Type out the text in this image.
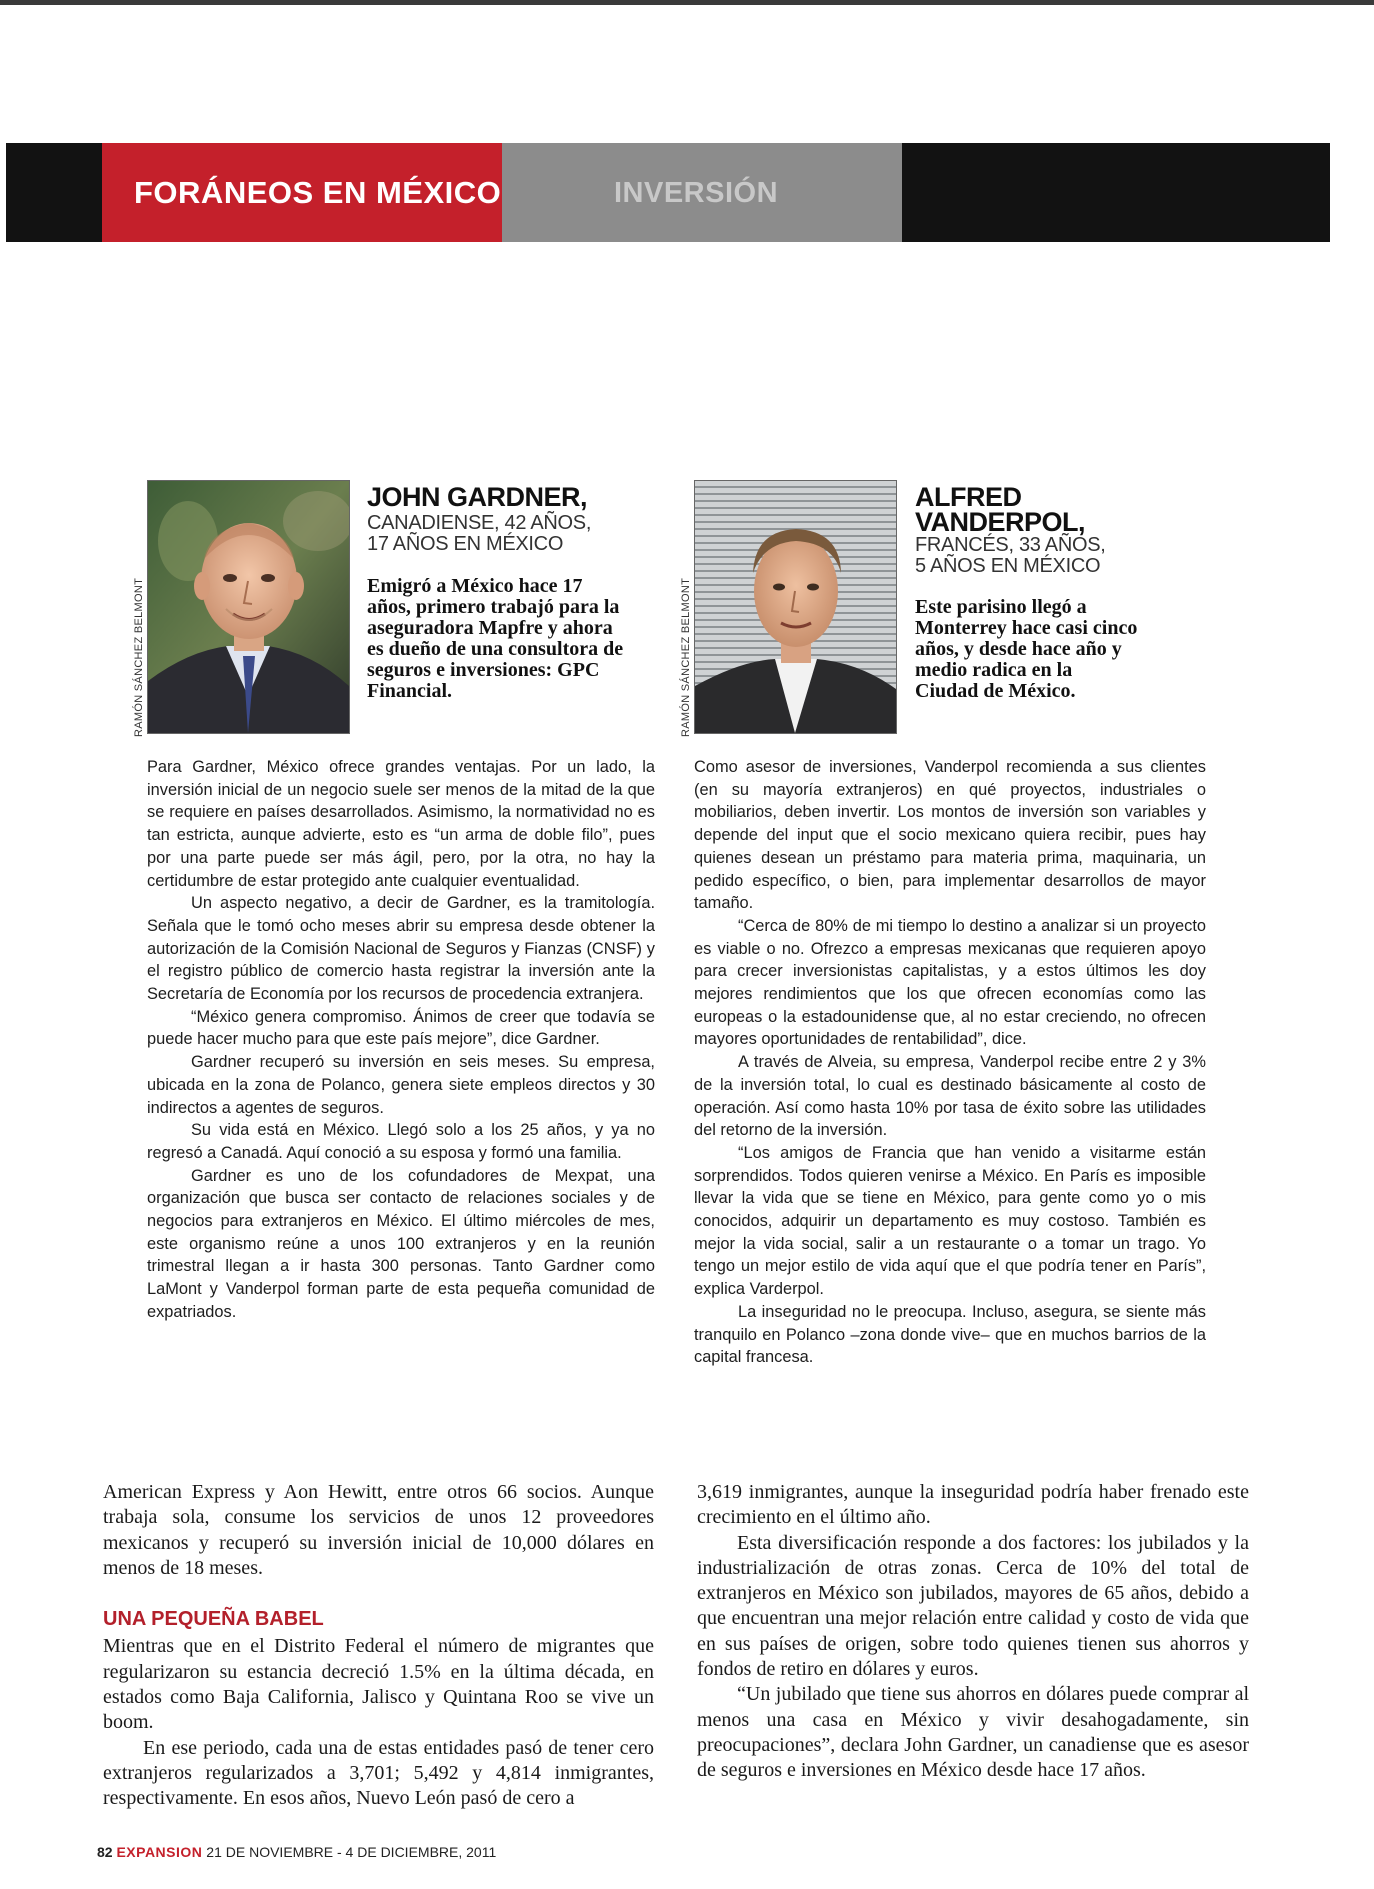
FORÁNEOS EN MÉXICO	INVERSIÓN
RAMÓN SÁNCHEZ BELMONT
JOHN GARDNER,
CANADIENSE, 42 AÑOS,
17 AÑOS EN MÉXICO
Emigró a México hace 17 años, primero trabajó para la aseguradora Mapfre y ahora es dueño de una consultora de seguros e inversiones: GPC Financial.	RAMÓN SÁNCHEZ BELMONT
ALFRED VANDERPOL,
FRANCÉS, 33 AÑOS,
5 AÑOS EN MÉXICO
Este parisino llegó a Monterrey hace casi cinco años, y desde hace año y medio radica en la Ciudad de México.

Para Gardner, México ofrece grandes ventajas. Por un lado, la inversión inicial de un negocio suele ser menos de la mitad de la que se requiere en países desarrollados. Asimismo, la normatividad no es tan estricta, aunque advierte, esto es “un arma de doble filo”, pues por una parte puede ser más ágil, pero, por la otra, no hay la certidumbre de estar protegido ante cualquier eventualidad.

Un aspecto negativo, a decir de Gardner, es la tramitología. Señala que le tomó ocho meses abrir su empresa desde obtener la autorización de la Comisión Nacional de Seguros y Fianzas (CNSF) y el registro público de comercio hasta registrar la inversión ante la Secretaría de Economía por los recursos de procedencia extranjera.

“México genera compromiso. Ánimos de creer que todavía se puede hacer mucho para que este país mejore”, dice Gardner.

Gardner recuperó su inversión en seis meses. Su empresa, ubicada en la zona de Polanco, genera siete empleos directos y 30 indirectos a agentes de seguros.

Su vida está en México. Llegó solo a los 25 años, y ya no regresó a Canadá. Aquí conoció a su esposa y formó una familia.

Gardner es uno de los cofundadores de Mexpat, una organización que busca ser contacto de relaciones sociales y de negocios para extranjeros en México. El último miércoles de mes, este organismo reúne a unos 100 extranjeros y en la reunión trimestral llegan a ir hasta 300 personas. Tanto Gardner como LaMont y Vanderpol forman parte de esta pequeña comunidad de expatriados.

Como asesor de inversiones, Vanderpol recomienda a sus clientes (en su mayoría extranjeros) en qué proyectos, industriales o mobiliarios, deben invertir. Los montos de inversión son variables y depende del input que el socio mexicano quiera recibir, pues hay quienes desean un préstamo para materia prima, maquinaria, un pedido específico, o bien, para implementar desarrollos de mayor tamaño.

“Cerca de 80% de mi tiempo lo destino a analizar si un proyecto es viable o no. Ofrezco a empresas mexicanas que requieren apoyo para crecer inversionistas capitalistas, y a estos últimos les doy mejores rendimientos que los que ofrecen economías como las europeas o la estadounidense que, al no estar creciendo, no ofrecen mayores oportunidades de rentabilidad”, dice.

A través de Alveia, su empresa, Vanderpol recibe entre 2 y 3% de la inversión total, lo cual es destinado básicamente al costo de operación. Así como hasta 10% por tasa de éxito sobre las utilidades del retorno de la inversión.

“Los amigos de Francia que han venido a visitarme están sorprendidos. Todos quieren venirse a México. En París es imposible llevar la vida que se tiene en México, para gente como yo o mis conocidos, adquirir un departamento es muy costoso. También es mejor la vida social, salir a un restaurante o a tomar un trago. Yo tengo un mejor estilo de vida aquí que el que podría tener en París”, explica Varderpol.

La inseguridad no le preocupa. Incluso, asegura, se siente más tranquilo en Polanco –zona donde vive– que en muchos barrios de la capital francesa.

American Express y Aon Hewitt, entre otros 66 socios. Aunque trabaja sola, consume los servicios de unos 12 proveedores mexicanos y recuperó su inversión inicial de 10,000 dólares en menos de 18 meses.

UNA PEQUEÑA BABEL

Mientras que en el Distrito Federal el número de migrantes que regularizaron su estancia decreció 1.5% en la última década, en estados como Baja California, Jalisco y Quintana Roo se vive un boom.

En ese periodo, cada una de estas entidades pasó de tener cero extranjeros regularizados a 3,701; 5,492 y 4,814 inmigrantes, respectivamente. En esos años, Nuevo León pasó de cero a

3,619 inmigrantes, aunque la inseguridad podría haber frenado este crecimiento en el último año.

Esta diversificación responde a dos factores: los jubilados y la industrialización de otras zonas. Cerca de 10% del total de extranjeros en México son jubilados, mayores de 65 años, debido a que encuentran una mejor relación entre calidad y costo de vida que en sus países de origen, sobre todo quienes tienen sus ahorros y fondos de retiro en dólares y euros.

“Un jubilado que tiene sus ahorros en dólares puede comprar al menos una casa en México y vivir desahogadamente, sin preocupaciones”, declara John Gardner, un canadiense que es asesor de seguros e inversiones en México desde hace 17 años.

82 EXPANSION 21 DE NOVIEMBRE - 4 DE DICIEMBRE, 2011
